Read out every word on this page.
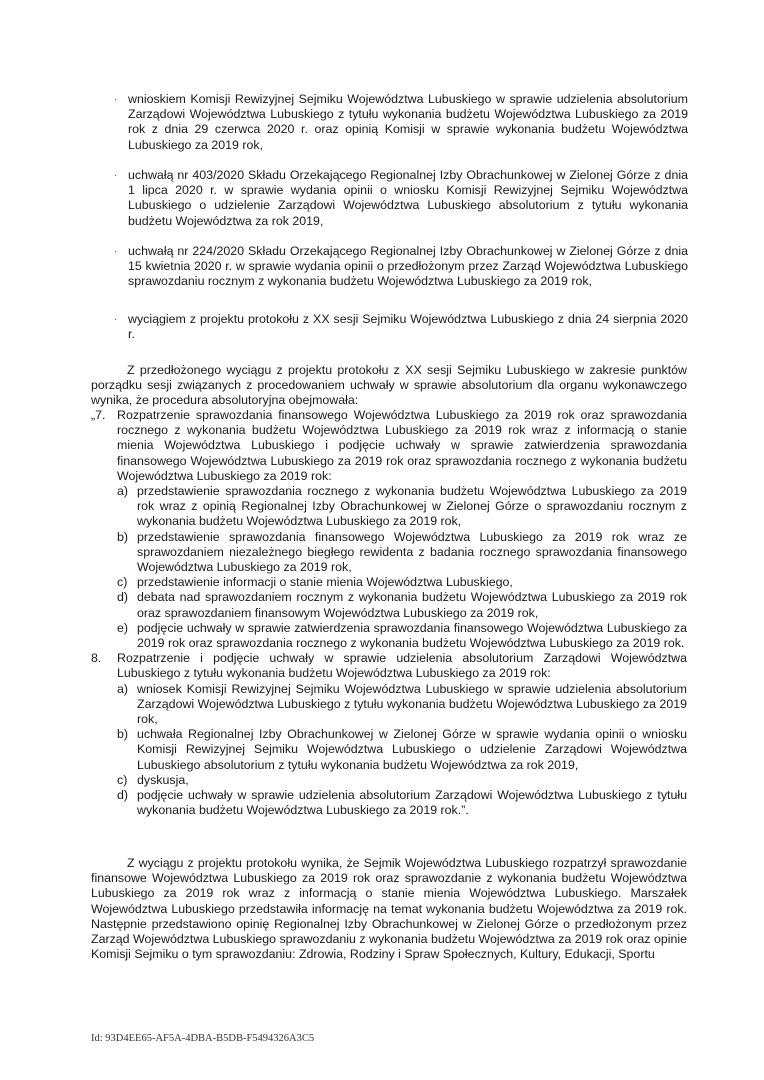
· wnioskiem Komisji Rewizyjnej Sejmiku Województwa Lubuskiego w sprawie udzielenia absolutorium Zarządowi Województwa Lubuskiego z tytułu wykonania budżetu Województwa Lubuskiego za 2019 rok z dnia 29 czerwca 2020 r. oraz opinią Komisji w sprawie wykonania budżetu Województwa Lubuskiego za 2019 rok,
· uchwałą nr 403/2020 Składu Orzekającego Regionalnej Izby Obrachunkowej w Zielonej Górze z dnia 1 lipca 2020 r. w sprawie wydania opinii o wniosku Komisji Rewizyjnej Sejmiku Województwa Lubuskiego o udzielenie Zarządowi Województwa Lubuskiego absolutorium z tytułu wykonania budżetu Województwa za rok 2019,
· uchwałą nr 224/2020 Składu Orzekającego Regionalnej Izby Obrachunkowej w Zielonej Górze z dnia 15 kwietnia 2020 r. w sprawie wydania opinii o przedłożonym przez Zarząd Województwa Lubuskiego sprawozdaniu rocznym z wykonania budżetu Województwa Lubuskiego za 2019 rok,
· wyciągiem z projektu protokołu z XX sesji Sejmiku Województwa Lubuskiego z dnia 24 sierpnia 2020 r.
Z przedłożonego wyciągu z projektu protokołu z XX sesji Sejmiku Lubuskiego w zakresie punktów porządku sesji związanych z procedowaniem uchwały w sprawie absolutorium dla organu wykonawczego wynika, że procedura absolutoryjna obejmowała:
„7. Rozpatrzenie sprawozdania finansowego Województwa Lubuskiego za 2019 rok oraz sprawozdania rocznego z wykonania budżetu Województwa Lubuskiego za 2019 rok wraz z informacją o stanie mienia Województwa Lubuskiego i podjęcie uchwały w sprawie zatwierdzenia sprawozdania finansowego Województwa Lubuskiego za 2019 rok oraz sprawozdania rocznego z wykonania budżetu Województwa Lubuskiego za 2019 rok:
a) przedstawienie sprawozdania rocznego z wykonania budżetu Województwa Lubuskiego za 2019 rok wraz z opinią Regionalnej Izby Obrachunkowej w Zielonej Górze o sprawozdaniu rocznym z wykonania budżetu Województwa Lubuskiego za 2019 rok,
b) przedstawienie sprawozdania finansowego Województwa Lubuskiego za 2019 rok wraz ze sprawozdaniem niezależnego biegłego rewidenta z badania rocznego sprawozdania finansowego Województwa Lubuskiego za 2019 rok,
c) przedstawienie informacji o stanie mienia Województwa Lubuskiego,
d) debata nad sprawozdaniem rocznym z wykonania budżetu Województwa Lubuskiego za 2019 rok oraz sprawozdaniem finansowym Województwa Lubuskiego za 2019 rok,
e) podjęcie uchwały w sprawie zatwierdzenia sprawozdania finansowego Województwa Lubuskiego za 2019 rok oraz sprawozdania rocznego z wykonania budżetu Województwa Lubuskiego za 2019 rok.
8. Rozpatrzenie i podjęcie uchwały w sprawie udzielenia absolutorium Zarządowi Województwa Lubuskiego z tytułu wykonania budżetu Województwa Lubuskiego za 2019 rok:
a) wniosek Komisji Rewizyjnej Sejmiku Województwa Lubuskiego w sprawie udzielenia absolutorium Zarządowi Województwa Lubuskiego z tytułu wykonania budżetu Województwa Lubuskiego za 2019 rok,
b) uchwała Regionalnej Izby Obrachunkowej w Zielonej Górze w sprawie wydania opinii o wniosku Komisji Rewizyjnej Sejmiku Województwa Lubuskiego o udzielenie Zarządowi Województwa Lubuskiego absolutorium z tytułu wykonania budżetu Województwa za rok 2019,
c) dyskusja,
d) podjęcie uchwały w sprawie udzielenia absolutorium Zarządowi Województwa Lubuskiego z tytułu wykonania budżetu Województwa Lubuskiego za 2019 rok.”.
Z wyciągu z projektu protokołu wynika, że Sejmik Województwa Lubuskiego rozpatrzył sprawozdanie finansowe Województwa Lubuskiego za 2019 rok oraz sprawozdanie z wykonania budżetu Województwa Lubuskiego za 2019 rok wraz z informacją o stanie mienia Województwa Lubuskiego. Marszałek Województwa Lubuskiego przedstawiła informację na temat wykonania budżetu Województwa za 2019 rok. Następnie przedstawiono opinię Regionalnej Izby Obrachunkowej w Zielonej Górze o przedłożonym przez Zarząd Województwa Lubuskiego sprawozdaniu z wykonania budżetu Województwa za 2019 rok oraz opinie Komisji Sejmiku o tym sprawozdaniu: Zdrowia, Rodziny i Spraw Społecznych, Kultury, Edukacji, Sportu
Id: 93D4EE65-AF5A-4DBA-B5DB-F5494326A3C5
